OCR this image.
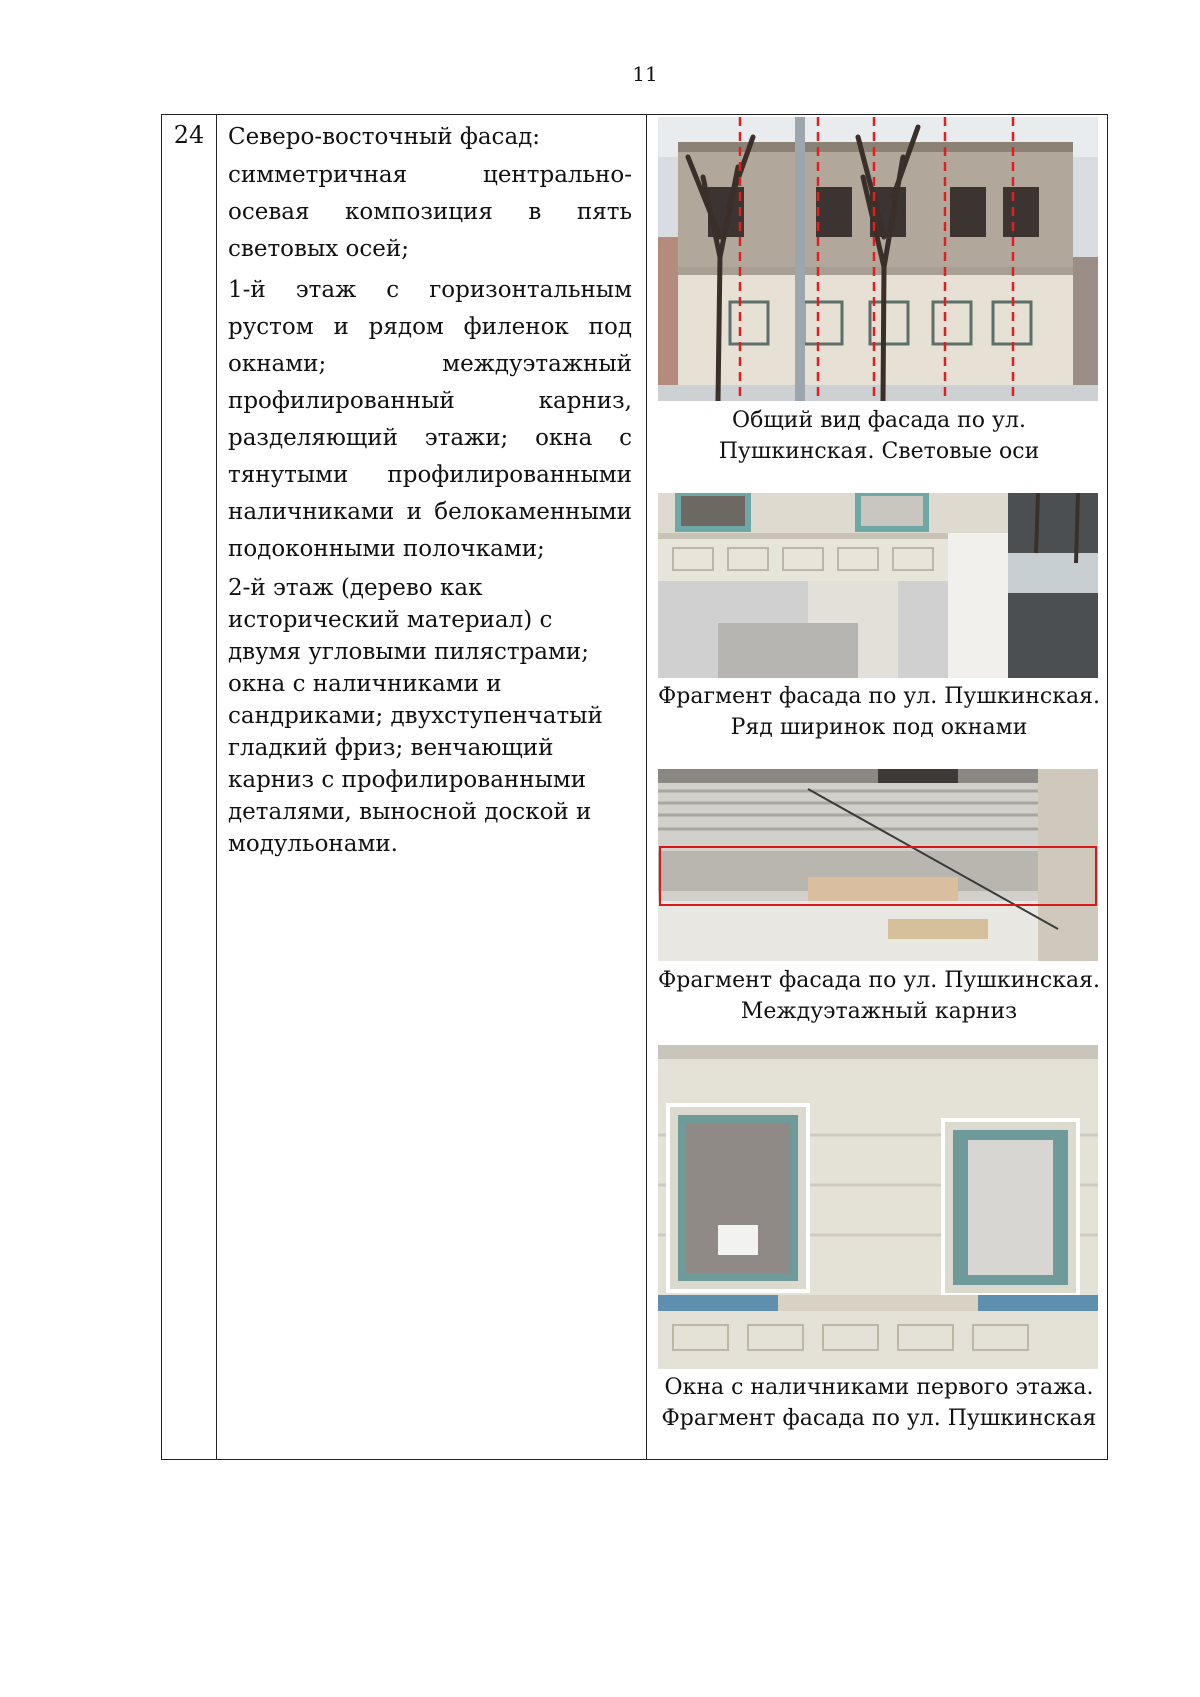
11
24	Северо-восточный фасад:

симметричная центрально-осевая композиция в пять световых осей;

1-й этаж с горизонтальным рустом и рядом филенок под окнами; междуэтажный профилированный карниз, разделяющий этажи; окна с тянутыми профилированными наличниками и белокаменными подоконными полочками;

2-й этаж (дерево как исторический материал) с двумя угловыми пилястрами; окна с наличниками и сандриками; двухступенчатый гладкий фриз; венчающий карниз с профилированными деталями, выносной доской и модульонами.

Общий вид фасада по ул.
Пушкинская. Световые оси
Фрагмент фасада по ул. Пушкинская.
Ряд ширинок под окнами
Фрагмент фасада по ул. Пушкинская.
Междуэтажный карниз
Окна с наличниками первого этажа.
Фрагмент фасада по ул. Пушкинская
